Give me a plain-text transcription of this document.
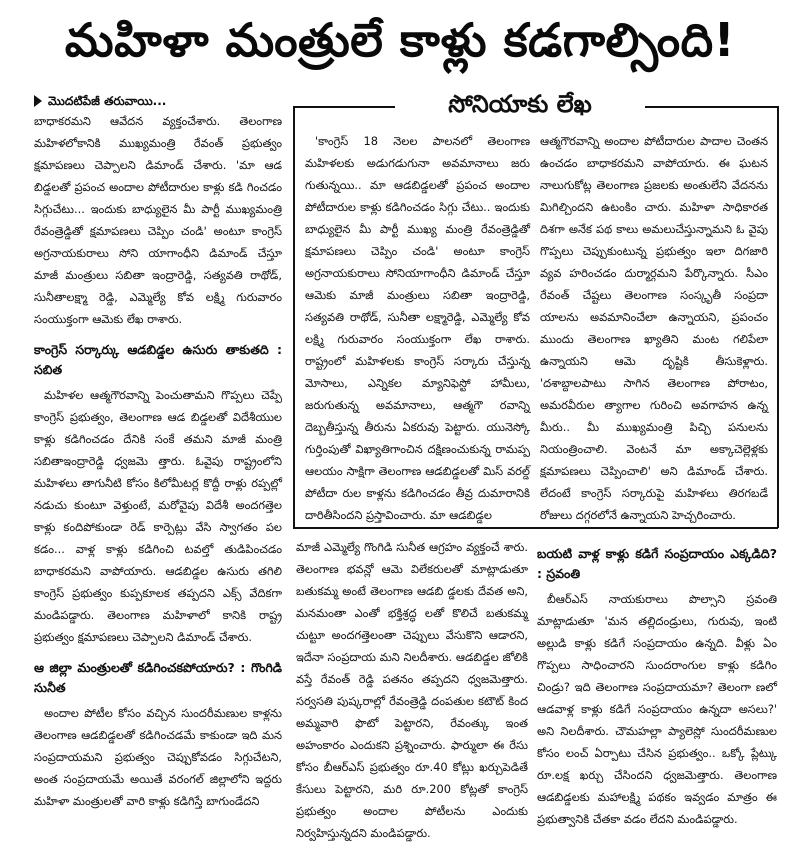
మహిళా మంత్రులే కాళ్లు కడగాల్సింది!
మొదటిపేజీ తరువాయి...

బాధాకరమని ఆవేదన వ్యక్తంచేశారు. తెలంగాణ మహిళలోకానికి ముఖ్యమంత్రి రేవంత్ ప్రభుత్వం క్షమాపణలు చెప్పాలని డిమాండ్ చేశారు. 'మా ఆడ బిడ్డలతో ప్రపంచ అందాల పోటీదారుల కాళ్లు కడి గించడం సిగ్గుచేటు... ఇందుకు బాధ్యులైన మీ పార్టీ ముఖ్యమంత్రి రేవంత్రెడ్డితో క్షమాపణలు చెప్పిం చండి' అంటూ కాంగ్రెస్ అగ్రనాయకురాలు సోని యాగాంధీని డిమాండ్ చేస్తూ మాజీ మంత్రులు సబితా ఇంద్రారెడ్డి, సత్యవతి రాథోడ్, సునీతాలక్ష్మా రెడ్డి, ఎమ్మెల్యే కోవ లక్ష్మి గురువారం సంయుక్తంగా ఆమెకు లేఖ రాశారు.

కాంగ్రెస్ సర్కార్కు ఆడబిడ్డల ఉసురు తాకుతది : సబిత

మహిళల ఆత్మగౌరవాన్ని పెంచుతామని గొప్పలు చెప్పే కాంగ్రెస్ ప్రభుత్వం, తెలంగాణ ఆడ బిడ్డలతో విదేశీయుల కాళ్లు కడిగించడం దేనికి సంకే తమని మాజీ మంత్రి సబితాఇంద్రారెడ్డి ధ్వజమె త్తారు. ఓవైపు రాష్ట్రంలోని మహిళలు తాగునీటి కోసం కిలోమీటర్ల కొద్దీ రాళ్లు రప్పల్లో నడుచు కుంటూ వెళ్తుంటే, మరోవైపు విదేశీ అందగత్తెల కాళ్లు కందిపోకుండా రెడ్ కార్పెట్లు వేసి స్వాగతం పల కడం... వాళ్ల కాళ్లు కడిగించి టవల్తో తుడిపించడం బాధాకరమని వాపోయారు. ఆడబిడ్డల ఉసురు తగిలి కాంగ్రెస్ ప్రభుత్వం కుప్పకూలక తప్పదని ఎక్స్ వేదికగా మండిపడ్డారు. తెలంగాణ మహిళాలో కానికి రాష్ట్ర ప్రభుత్వం క్షమాపణలు చెప్పాలని డిమాండ్ చేశారు.

ఆ జిల్లా మంత్రులతో కడిగించకపోయారు? : గొంగిడి సునీత

అందాల పోటీల కోసం వచ్చిన సుందరీమణుల కాళ్లను తెలంగాణ ఆడబిడ్డలతో కడిగించడమే కాకుండా ఇది మన సంప్రదాయమని ప్రభుత్వం చెప్పుకోవడం సిగ్గుచేటని, అంత సంప్రదాయమే అయితే వరంగల్ జిల్లాలోని ఇద్దరు మహిళా మంత్రులతో వారి కాళ్లు కడిగిస్తే బాగుండేదని

సోనియాకు లేఖ

'కాంగ్రెస్ 18 నెలల పాలనలో తెలంగాణ మహిళలకు అడుగడుగునా అవమానాలు జరు గుతున్నయి.. మా ఆడబిడ్డలతో ప్రపంచ అందాల పోటీదారుల కాళ్లు కడిగించడం సిగ్గు చేటు.. ఇందుకు బాధ్యులైన మీ పార్టీ ముఖ్య మంత్రి రేవంత్రెడ్డితో క్షమాపణలు చెప్పిం చండి' అంటూ కాంగ్రెస్ అగ్రనాయకురాలు సోనియాగాంధీని డిమాండ్ చేస్తూ ఆమెకు మాజీ మంత్రులు సబితా ఇంద్రారెడ్డి, సత్యవతి రాథోడ్, సునీతా లక్ష్మారెడ్డి, ఎమ్మెల్యే కోవ లక్ష్మి గురువారం సంయుక్తంగా లేఖ రాశారు. రాష్ట్రంలో మహిళలకు కాంగ్రెస్ సర్కారు చేస్తున్న మోసాలు, ఎన్నికల మ్యానిఫెస్టో హామీలు, జరుగుతున్న అవమానాలు, ఆత్మగౌ రవాన్ని దెబ్బతీస్తున్న తీరును ఏకరువు పెట్టారు. యునెస్కో గుర్తింపుతో విఖ్యాతిగాంచిన దక్షిణంచుకున్న రామప్ప ఆలయం సాక్షిగా తెలంగాణ ఆడబిడ్డలతో మిస్ వరల్డ్ పోటీదా రుల కాళ్లను కడిగించడం తీవ్ర దుమారానికి దారితీసిందని ప్రస్తావించారు. మా ఆడబిడ్డల

ఆత్మగౌరవాన్ని అందాల పోటీదారుల పాదాల చెంతన ఉంచడం బాధాకరమని వాపోయారు. ఈ ఘటన నాలుగుకోట్ల తెలంగాణ ప్రజలకు అంతులేని వేదనను మిగిల్చిందని ఉటంకిం చారు. మహిళా సాధికారత దిశగా అనేక పథ కాలు అమలుచేస్తున్నామని ఓ వైపు గొప్పలు చెప్పుకుంటున్న ప్రభుత్వం ఇలా దిగజారి వ్యవ హరించడం దుర్మార్గమని పేర్కొన్నారు. సీఎం రేవంత్ చేష్టలు తెలంగాణ సంస్కృతీ సంప్రదా యాలను అవమానించేలా ఉన్నాయని, ప్రపంచం ముందు తెలంగాణ ఖ్యాతిని మంట గలిపేలా ఉన్నాయని ఆమె దృష్టికి తీసుకెళ్లారు. 'దశాబ్దాలపాటు సాగిన తెలంగాణ పోరాటం, అమరవీరుల త్యాగాల గురించి అవగాహన ఉన్న మీరు.. మీ ముఖ్యమంత్రి పిచ్చి పనులను నియంత్రించాలి. వెంటనే మా అక్కాచెల్లెళ్లకు క్షమాపణలు చెప్పించాలి' అని డిమాండ్ చేశారు. లేదంటే కాంగ్రెస్ సర్కారుపై మహిళలు తిరగబడే రోజులు దగ్గరలోనే ఉన్నాయని హెచ్చరించారు.

మాజీ ఎమ్మెల్యే గొంగిడి సునీత ఆగ్రహం వ్యక్తంచే శారు. తెలంగాణ భవన్లో ఆమె విలేకరులతో మాట్లాడుతూ బతుకమ్మ అంటే తెలంగాణ ఆడబి డ్డలకు దేవత అని, మనమంతా ఎంతో భక్తిశ్రద్ధ లతో కొలిచే బతుకమ్మ చుట్టూ అందగత్తెలంతా చెప్పులు వేసుకొని ఆడారని, ఇదేనా సంప్రదాయ మని నిలదీశారు. ఆడబిడ్డల జోలికి వస్తే రేవంత్ రెడ్డి పతనం తప్పదని ధ్వజమెత్తారు. సర్వసతి పుష్కరాల్లో రేవంత్రెడ్డి దంపతుల కటౌట్ కింద అమ్మవారి ఫొటో పెట్టారని, రేవంత్కు ఇంత అహంకారం ఎందుకని ప్రశ్నించారు. ఫార్ములా ఈ రేసు కోసం బీఆర్ఎస్ ప్రభుత్వం రూ.40 కోట్లు ఖర్చుపెడితే కేసులు పెట్టారని, మరి రూ.200 కోట్లతో కాంగ్రెస్ ప్రభుత్వం అందాల పోటీలను ఎందుకు నిర్వహిస్తున్నదని మండిపడ్డారు.

బయటి వాళ్ల కాళ్లు కడిగే సంప్రదాయం ఎక్కడిది? : స్రవంతి

బీఆర్ఎస్ నాయకురాలు పొల్సాని స్రవంతి మాట్లాడుతూ 'మన తల్లిదండ్రులు, గురువు, ఇంటి అల్లుడి కాళ్లు కడిగే సంప్రదాయం ఉన్నది. వీళ్లు ఏం గొప్పలు సాధించారని సుందరాంగుల కాళ్లు కడిగిం చిండ్రు? ఇది తెలంగాణ సంప్రదాయమా? తెలంగా ణలో ఆడవాళ్ల కాళ్లు కడిగే సంప్రదాయం ఉన్నదా అసలు?' అని నిలదీశారు. చౌమహల్లా ప్యాలెస్లో సుందరీమణుల కోసం లంచ్ ఏర్పాటు చేసిన ప్రభుత్వం.. ఒక్కో ప్లేట్కు రూ.లక్ష ఖర్చు చేసిందని ధ్వజమెత్తారు. తెలంగాణ ఆడబిడ్డలకు మహాలక్ష్మి పథకం ఇవ్వడం మాత్రం ఈ ప్రభుత్వానికి చేతకా వడం లేదని మండిపడ్డారు.
